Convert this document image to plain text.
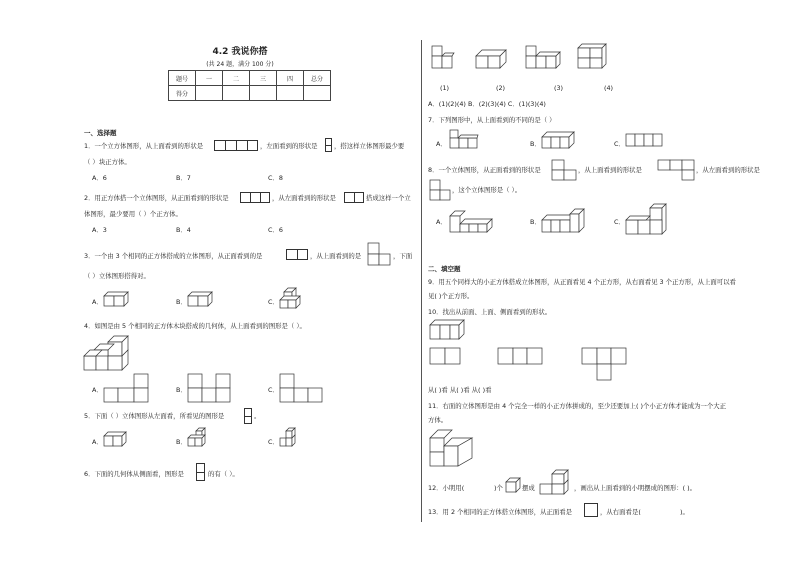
4.2 我说你搭
(共 24 题，满分 100 分)
题号	一	二	三	四	总分
得分					
一、选择题
1．一个立方体图形，从上面看到的形状是	，左面看到的形状是	，搭这样立体图形最少要
（ ）块正方体。
A．6	B．7	C．8
2．用正方体搭一个立体图形，从正面看到的形状是	，从左面看到的形状是	搭成这样一个立
体图形，最少要用（ ）个正方体。
A．3	B．4	C．6
3．一个由 3 个相同的正方体搭成的立体图形，从正面看到的是	，从上面看到的是	，下面
（ ）立体图形搭得对。
A．	B．	C．
4．如图是由 5 个相同的正方体木块搭成的几何体，从上面看到的图形是（ ）。
A．	B．	C．
5．下面（ ）立体图形从左面看，所看见的图形是	。
A．	B．	C．
6．下面的几何体从侧面看，图形是	的有（ ）。
(1)	(2)	(3)	(4)
A．(1)(2)(4) B．(2)(3)(4) C．(1)(3)(4)
7．下列图形中，从上面看到的不同的是（ ）
A．	B．	C．
8．一个立体图形，从正面看到的形状是	，从上面看到的形状是	，从左面看到的形状是
，这个立体图形是（ ）。
A．	B．	C．
二、填空题
9．用五个同样大的小正方体搭成立体图形，从正面看见 4 个正方形，从右面看见 3 个正方形，从上面可以看
见( )个正方形。
10．找出从前面、上面、侧面看到的形状。
从( )看 从( )看 从( )看
11．右面的立体图形是由 4 个完全一样的小正方体拼成的，至少还要加上( )个小正方体才能成为一个大正
方体。
12．小明用(	)个	摆成	，画出从上面看到的小明摆成的图形：( )。
13．用 2 个相同的正方体搭立体图形，从正面看是	，从右面看是(	)。
